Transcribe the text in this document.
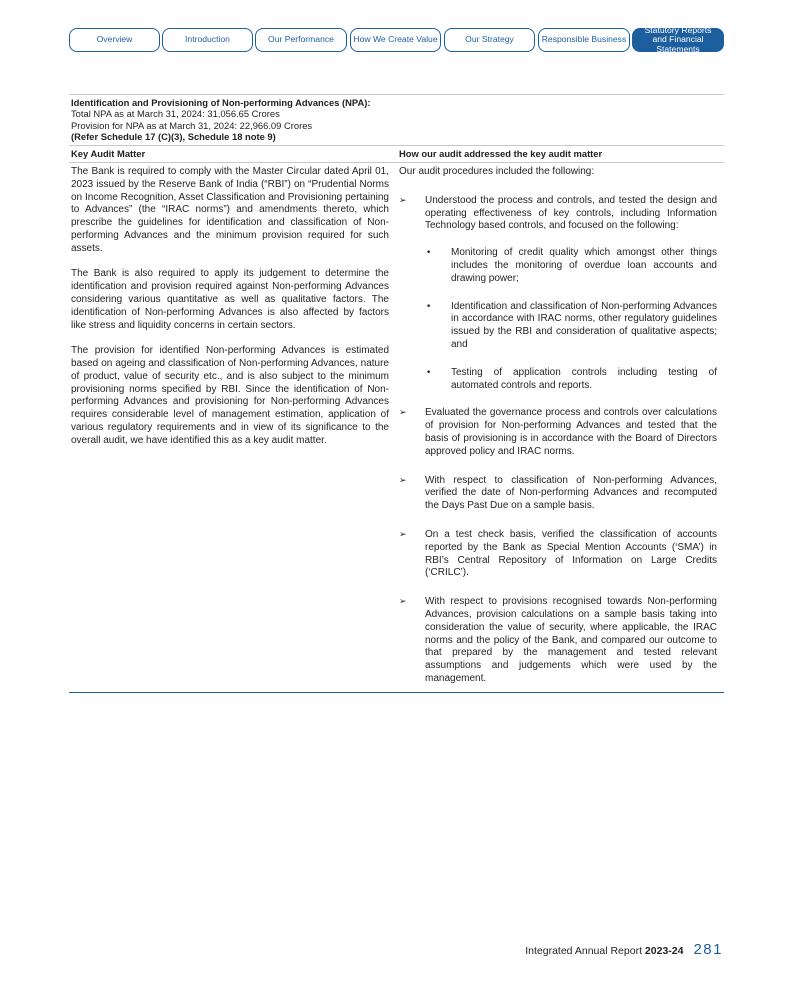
Overview	Introduction	Our Performance	How We Create Value	Our Strategy	Responsible Business
Statutory Reports and Financial Statements
Identification and Provisioning of Non-performing Advances (NPA):
Total NPA as at March 31, 2024: 31,056.65 Crores
Provision for NPA as at March 31, 2024: 22,966.09 Crores
(Refer Schedule 17 (C)(3), Schedule 18 note 9)
Key Audit Matter	How our audit addressed the key audit matter

The Bank is required to comply with the Master Circular dated April 01, 2023 issued by the Reserve Bank of India (“RBI”) on “Prudential Norms on Income Recognition, Asset Classification and Provisioning pertaining to Advances” (the “IRAC norms”) and amendments thereto, which prescribe the guidelines for identification and classification of Non-performing Advances and the minimum provision required for such assets.

The Bank is also required to apply its judgement to determine the identification and provision required against Non-performing Advances considering various quantitative as well as qualitative factors. The identification of Non-performing Advances is also affected by factors like stress and liquidity concerns in certain sectors.

The provision for identified Non-performing Advances is estimated based on ageing and classification of Non-performing Advances, nature of product, value of security etc., and is also subject to the minimum provisioning norms specified by RBI. Since the identification of Non-performing Advances and provisioning for Non-performing Advances requires considerable level of management estimation, application of various regulatory requirements and in view of its significance to the overall audit, we have identified this as a key audit matter.

Our audit procedures included the following:
➢ Understood the process and controls, and tested the design and operating effectiveness of key controls, including Information Technology based controls, and focused on the following:
• Monitoring of credit quality which amongst other things includes the monitoring of overdue loan accounts and drawing power;
• Identification and classification of Non-performing Advances in accordance with IRAC norms, other regulatory guidelines issued by the RBI and consideration of qualitative aspects; and
• Testing of application controls including testing of automated controls and reports.
➢ Evaluated the governance process and controls over calculations of provision for Non-performing Advances and tested that the basis of provisioning is in accordance with the Board of Directors approved policy and IRAC norms.
➢ With respect to classification of Non-performing Advances, verified the date of Non-performing Advances and recomputed the Days Past Due on a sample basis.
➢ On a test check basis, verified the classification of accounts reported by the Bank as Special Mention Accounts (‘SMA’) in RBI’s Central Repository of Information on Large Credits (‘CRILC’).
➢ With respect to provisions recognised towards Non-performing Advances, provision calculations on a sample basis taking into consideration the value of security, where applicable, the IRAC norms and the policy of the Bank, and compared our outcome to that prepared by the management and tested relevant assumptions and judgements which were used by the management.
Integrated Annual Report 2023-24 281
